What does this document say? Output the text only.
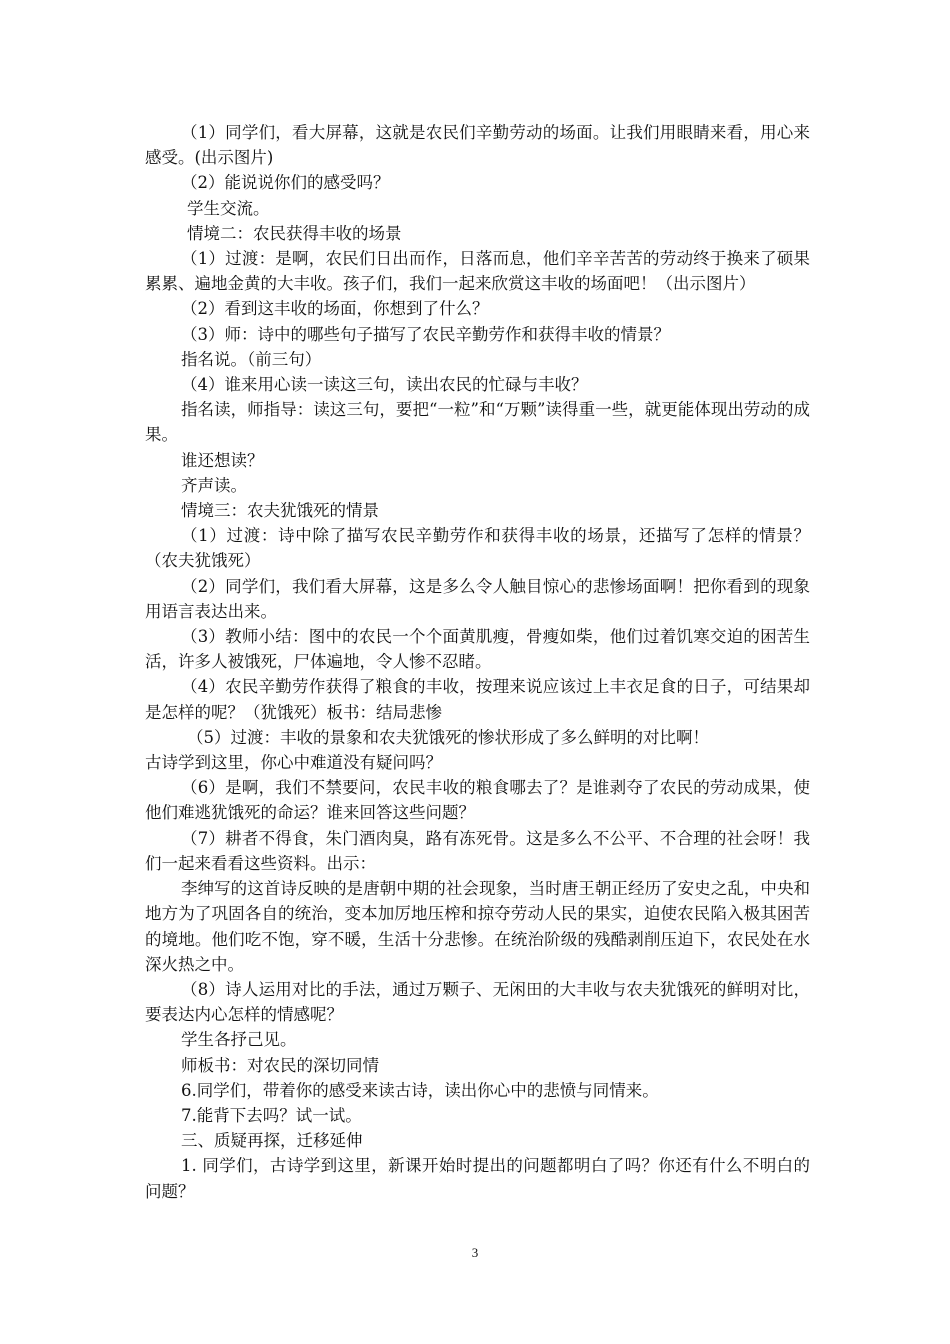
（1）同学们，看大屏幕，这就是农民们辛勤劳动的场面。让我们用眼睛来看，用心来感受。(出示图片)

（2）能说说你们的感受吗？

学生交流。

情境二：农民获得丰收的场景

（1）过渡：是啊，农民们日出而作，日落而息，他们辛辛苦苦的劳动终于换来了硕果累累、遍地金黄的大丰收。孩子们，我们一起来欣赏这丰收的场面吧！（出示图片）

（2）看到这丰收的场面，你想到了什么？

（3）师：诗中的哪些句子描写了农民辛勤劳作和获得丰收的情景？

指名说。（前三句）

（4）谁来用心读一读这三句，读出农民的忙碌与丰收？

指名读，师指导：读这三句，要把“一粒”和“万颗”读得重一些，就更能体现出劳动的成果。

谁还想读？

齐声读。

情境三：农夫犹饿死的情景

（1）过渡：诗中除了描写农民辛勤劳作和获得丰收的场景，还描写了怎样的情景？（农夫犹饿死）

（2）同学们，我们看大屏幕，这是多么令人触目惊心的悲惨场面啊！把你看到的现象用语言表达出来。

（3）教师小结：图中的农民一个个面黄肌瘦，骨瘦如柴，他们过着饥寒交迫的困苦生活，许多人被饿死，尸体遍地，令人惨不忍睹。

（4）农民辛勤劳作获得了粮食的丰收，按理来说应该过上丰衣足食的日子，可结果却是怎样的呢？（犹饿死）板书：结局悲惨

（5）过渡：丰收的景象和农夫犹饿死的惨状形成了多么鲜明的对比啊！

古诗学到这里，你心中难道没有疑问吗？

（6）是啊，我们不禁要问，农民丰收的粮食哪去了？是谁剥夺了农民的劳动成果，使他们难逃犹饿死的命运？谁来回答这些问题？

（7）耕者不得食，朱门酒肉臭，路有冻死骨。这是多么不公平、不合理的社会呀！我们一起来看看这些资料。出示：

李绅写的这首诗反映的是唐朝中期的社会现象，当时唐王朝正经历了安史之乱，中央和地方为了巩固各自的统治，变本加厉地压榨和掠夺劳动人民的果实，迫使农民陷入极其困苦的境地。他们吃不饱，穿不暖，生活十分悲惨。在统治阶级的残酷剥削压迫下，农民处在水深火热之中。

（8）诗人运用对比的手法，通过万颗子、无闲田的大丰收与农夫犹饿死的鲜明对比，要表达内心怎样的情感呢？

学生各抒己见。

师板书：对农民的深切同情

6.同学们，带着你的感受来读古诗，读出你心中的悲愤与同情来。

7.能背下去吗？试一试。

三、质疑再探，迁移延伸

1. 同学们，古诗学到这里，新课开始时提出的问题都明白了吗？你还有什么不明白的问题？

3
